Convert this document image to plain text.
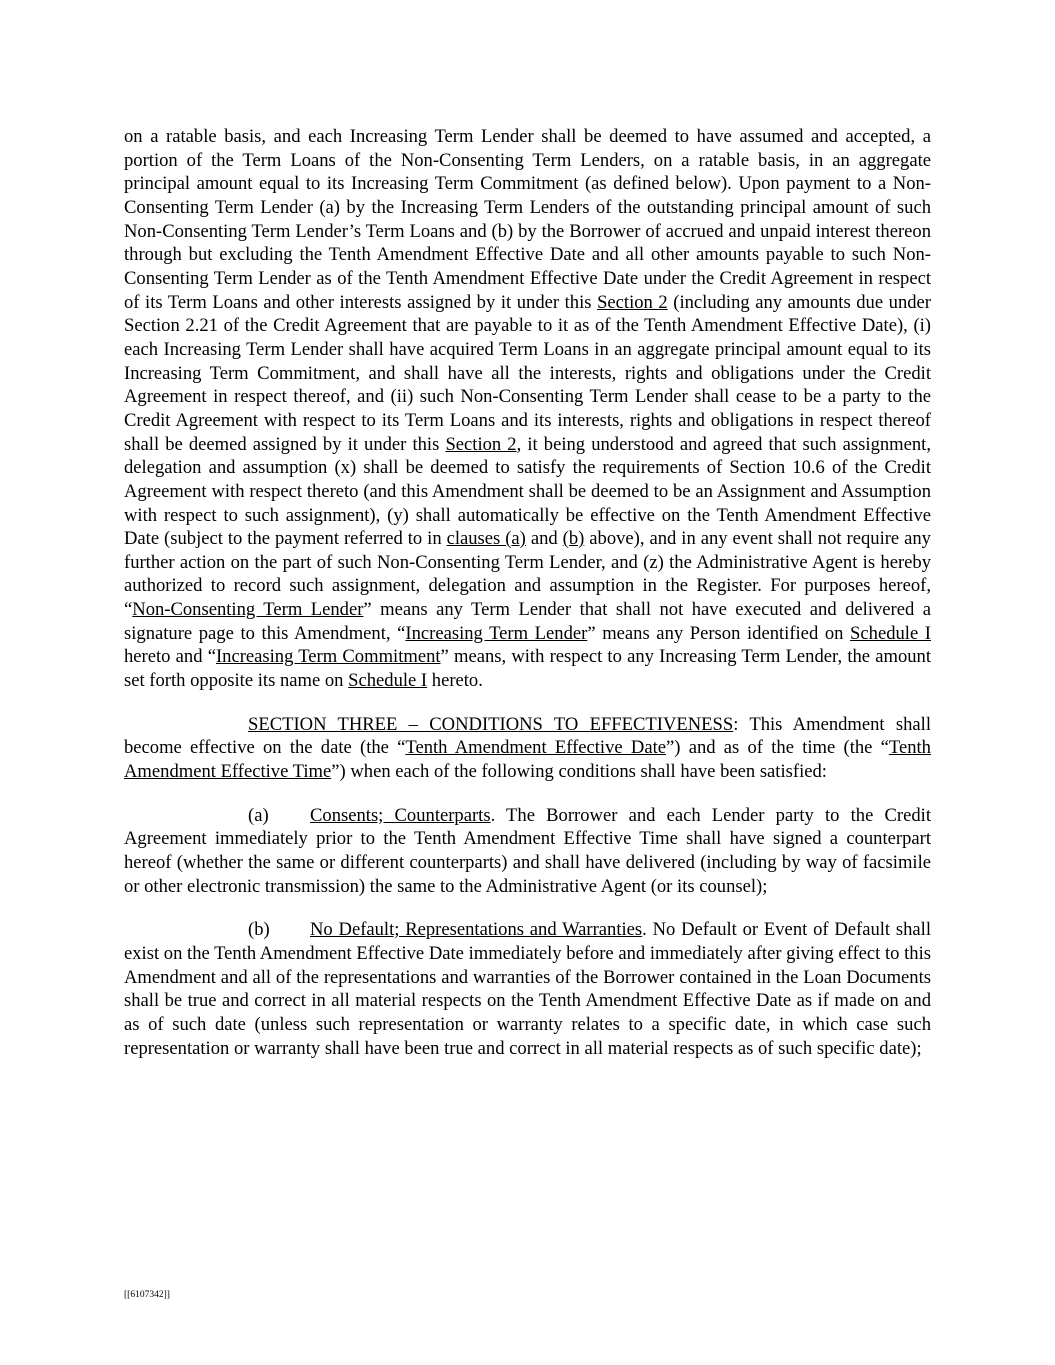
on a ratable basis, and each Increasing Term Lender shall be deemed to have assumed and accepted, a portion of the Term Loans of the Non-Consenting Term Lenders, on a ratable basis, in an aggregate principal amount equal to its Increasing Term Commitment (as defined below). Upon payment to a Non-Consenting Term Lender (a) by the Increasing Term Lenders of the outstanding principal amount of such Non-Consenting Term Lender’s Term Loans and (b) by the Borrower of accrued and unpaid interest thereon through but excluding the Tenth Amendment Effective Date and all other amounts payable to such Non-Consenting Term Lender as of the Tenth Amendment Effective Date under the Credit Agreement in respect of its Term Loans and other interests assigned by it under this Section 2 (including any amounts due under Section 2.21 of the Credit Agreement that are payable to it as of the Tenth Amendment Effective Date), (i) each Increasing Term Lender shall have acquired Term Loans in an aggregate principal amount equal to its Increasing Term Commitment, and shall have all the interests, rights and obligations under the Credit Agreement in respect thereof, and (ii) such Non-Consenting Term Lender shall cease to be a party to the Credit Agreement with respect to its Term Loans and its interests, rights and obligations in respect thereof shall be deemed assigned by it under this Section 2, it being understood and agreed that such assignment, delegation and assumption (x) shall be deemed to satisfy the requirements of Section 10.6 of the Credit Agreement with respect thereto (and this Amendment shall be deemed to be an Assignment and Assumption with respect to such assignment), (y) shall automatically be effective on the Tenth Amendment Effective Date (subject to the payment referred to in clauses (a) and (b) above), and in any event shall not require any further action on the part of such Non-Consenting Term Lender, and (z) the Administrative Agent is hereby authorized to record such assignment, delegation and assumption in the Register. For purposes hereof, “Non-Consenting Term Lender” means any Term Lender that shall not have executed and delivered a signature page to this Amendment, “Increasing Term Lender” means any Person identified on Schedule I hereto and “Increasing Term Commitment” means, with respect to any Increasing Term Lender, the amount set forth opposite its name on Schedule I hereto.

SECTION THREE – CONDITIONS TO EFFECTIVENESS: This Amendment shall become effective on the date (the “Tenth Amendment Effective Date”) and as of the time (the “Tenth Amendment Effective Time”) when each of the following conditions shall have been satisfied:

(a) Consents; Counterparts. The Borrower and each Lender party to the Credit Agreement immediately prior to the Tenth Amendment Effective Time shall have signed a counterpart hereof (whether the same or different counterparts) and shall have delivered (including by way of facsimile or other electronic transmission) the same to the Administrative Agent (or its counsel);

(b) No Default; Representations and Warranties. No Default or Event of Default shall exist on the Tenth Amendment Effective Date immediately before and immediately after giving effect to this Amendment and all of the representations and warranties of the Borrower contained in the Loan Documents shall be true and correct in all material respects on the Tenth Amendment Effective Date as if made on and as of such date (unless such representation or warranty relates to a specific date, in which case such representation or warranty shall have been true and correct in all material respects as of such specific date);

[[6107342]]
